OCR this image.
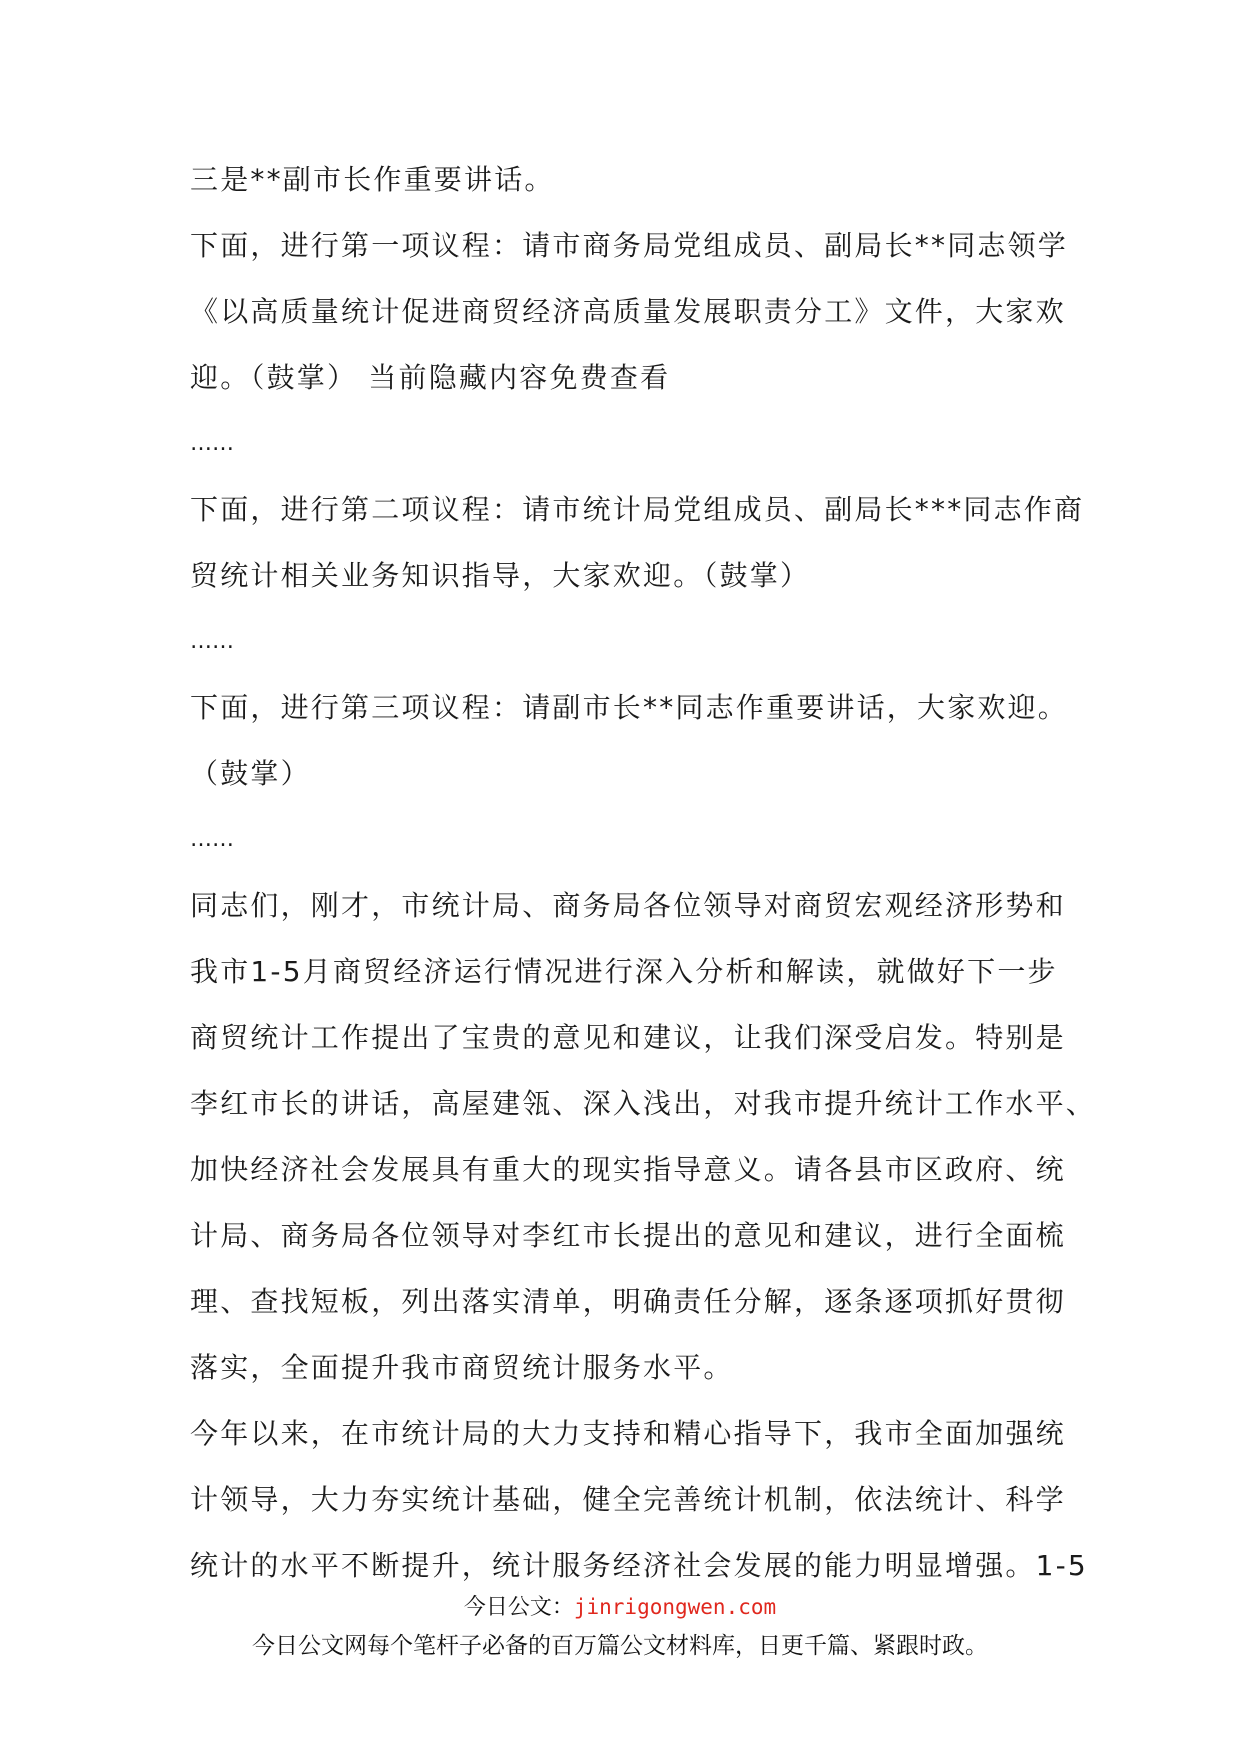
三是**副市长作重要讲话。
下面，进行第一项议程：请市商务局党组成员、副局长**同志领学
《以高质量统计促进商贸经济高质量发展职责分工》文件，大家欢
迎。（鼓掌） 当前隐藏内容免费查看
……
下面，进行第二项议程：请市统计局党组成员、副局长***同志作商
贸统计相关业务知识指导，大家欢迎。（鼓掌）
……
下面，进行第三项议程：请副市长**同志作重要讲话，大家欢迎。
（鼓掌）
……
同志们，刚才，市统计局、商务局各位领导对商贸宏观经济形势和
我市1-5月商贸经济运行情况进行深入分析和解读，就做好下一步
商贸统计工作提出了宝贵的意见和建议，让我们深受启发。特别是
李红市长的讲话，高屋建瓴、深入浅出，对我市提升统计工作水平、
加快经济社会发展具有重大的现实指导意义。请各县市区政府、统
计局、商务局各位领导对李红市长提出的意见和建议，进行全面梳
理、查找短板，列出落实清单，明确责任分解，逐条逐项抓好贯彻
落实，全面提升我市商贸统计服务水平。
今年以来，在市统计局的大力支持和精心指导下，我市全面加强统
计领导，大力夯实统计基础，健全完善统计机制，依法统计、科学
统计的水平不断提升，统计服务经济社会发展的能力明显增强。1-5
今日公文：jinrigongwen.com
今日公文网每个笔杆子必备的百万篇公文材料库，日更千篇、紧跟时政。
